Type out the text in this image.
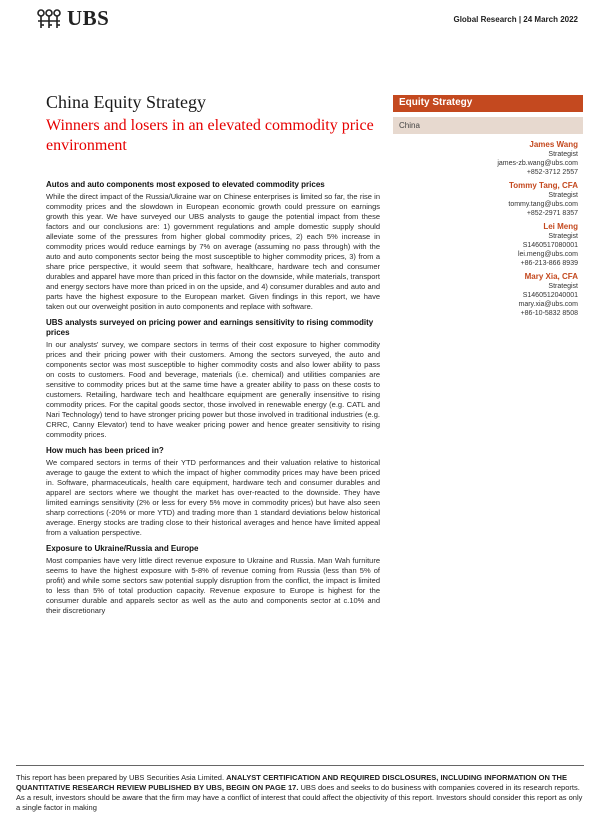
UBS	Global Research | 24 March 2022
China Equity Strategy
Winners and losers in an elevated commodity price environment
Equity Strategy
China
James Wang
Strategist
james-zb.wang@ubs.com
+852-3712 2557
Tommy Tang, CFA
Strategist
tommy.tang@ubs.com
+852-2971 8357
Lei Meng
Strategist
S1460517080001
lei.meng@ubs.com
+86-213-866 8939
Mary Xia, CFA
Strategist
S1460512040001
mary.xia@ubs.com
+86-10-5832 8508
Autos and auto components most exposed to elevated commodity prices

While the direct impact of the Russia/Ukraine war on Chinese enterprises is limited so far, the rise in commodity prices and the slowdown in European economic growth could pressure on earnings growth this year. We have surveyed our UBS analysts to gauge the potential impact from these factors and our conclusions are: 1) government regulations and ample domestic supply should alleviate some of the pressures from higher global commodity prices, 2) each 5% increase in commodity prices would reduce earnings by 7% on average (assuming no pass through) with the auto and auto components sector being the most susceptible to higher commodity prices, 3) from a share price perspective, it would seem that software, healthcare, hardware tech and consumer durables and apparel have more than priced in this factor on the downside, while materials, transport and energy sectors have more than priced in on the upside, and 4) consumer durables and auto and parts have the highest exposure to the European market. Given findings in this report, we have taken out our overweight position in auto components and replace with software.

UBS analysts surveyed on pricing power and earnings sensitivity to rising commodity prices

In our analysts' survey, we compare sectors in terms of their cost exposure to higher commodity prices and their pricing power with their customers. Among the sectors surveyed, the auto and components sector was most susceptible to higher commodity costs and also lower ability to pass on costs to customers. Food and beverage, materials (i.e. chemical) and utilities companies are sensitive to commodity prices but at the same time have a greater ability to pass on these costs to customers. Retailing, hardware tech and healthcare equipment are generally insensitive to rising commodity prices. For the capital goods sector, those involved in renewable energy (e.g. CATL and Nari Technology) tend to have stronger pricing power but those involved in traditional industries (e.g. CRRC, Canny Elevator) tend to have weaker pricing power and hence greater sensitivity to rising commodity prices.

How much has been priced in?

We compared sectors in terms of their YTD performances and their valuation relative to historical average to gauge the extent to which the impact of higher commodity prices may have been priced in. Software, pharmaceuticals, health care equipment, hardware tech and consumer durables and apparel are sectors where we thought the market has over-reacted to the downside. They have limited earnings sensitivity (2% or less for every 5% move in commodity prices) but have also seen sharp corrections (-20% or more YTD) and trading more than 1 standard deviations below historical average. Energy stocks are trading close to their historical averages and hence have limited appeal from a valuation perspective.

Exposure to Ukraine/Russia and Europe

Most companies have very little direct revenue exposure to Ukraine and Russia. Man Wah furniture seems to have the highest exposure with 5-8% of revenue coming from Russia (less than 5% of profit) and while some sectors saw potential supply disruption from the conflict, the impact is limited to less than 5% of total production capacity. Revenue exposure to Europe is highest for the consumer durable and apparels sector as well as the auto and components sector at c.10% and their discretionary

This report has been prepared by UBS Securities Asia Limited. ANALYST CERTIFICATION AND REQUIRED DISCLOSURES, INCLUDING INFORMATION ON THE QUANTITATIVE RESEARCH REVIEW PUBLISHED BY UBS, BEGIN ON PAGE 17. UBS does and seeks to do business with companies covered in its research reports. As a result, investors should be aware that the firm may have a conflict of interest that could affect the objectivity of this report. Investors should consider this report as only a single factor in making
